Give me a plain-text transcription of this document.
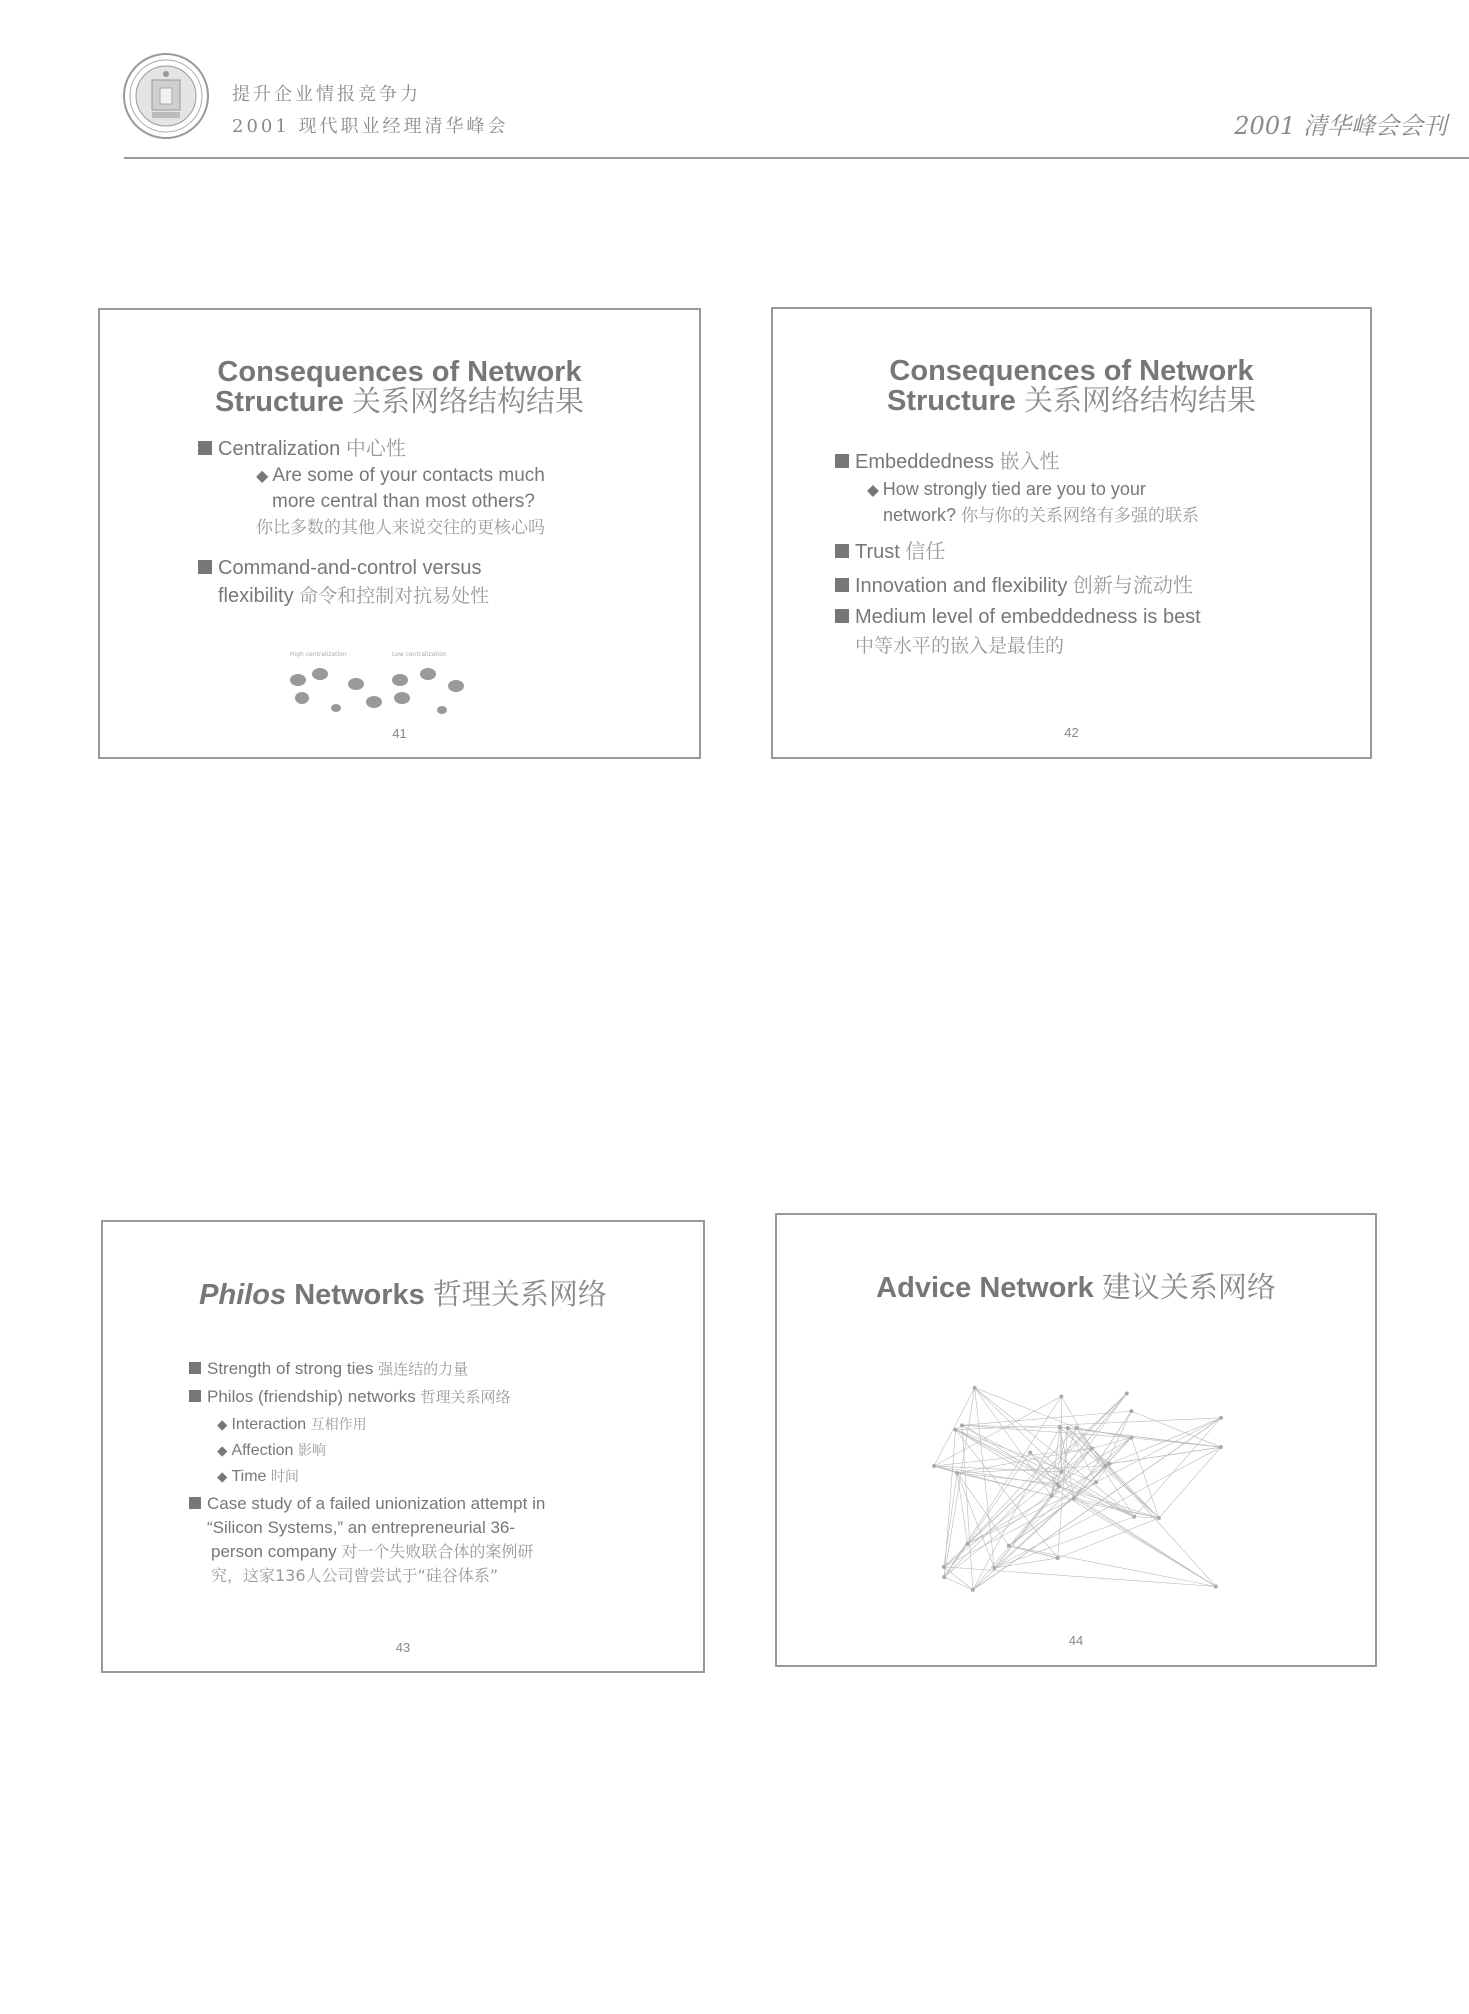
提升企业情报竞争力
2001 现代职业经理清华峰会	2001 清华峰会会刊
Consequences of Network
Structure 关系网络结构结果
Centralization 中心性
◆ Are some of your contacts much
more central than most others?
你比多数的其他人来说交往的更核心吗
Command-and-control versus
flexibility 命令和控制对抗易处性
High centralization	Low centralization
41
Consequences of Network
Structure 关系网络结构结果
Embeddedness 嵌入性
◆ How strongly tied are you to your
network? 你与你的关系网络有多强的联系
Trust 信任
Innovation and flexibility 创新与流动性
Medium level of embeddedness is best
中等水平的嵌入是最佳的
42
Philos Networks 哲理关系网络
Strength of strong ties 强连结的力量
Philos (friendship) networks 哲理关系网络
◆ Interaction 互相作用
◆ Affection 影响
◆ Time 时间
Case study of a failed unionization attempt in
“Silicon Systems,” an entrepreneurial 36-
person company 对一个失败联合体的案例研
究，这家136人公司曾尝试于“硅谷体系”
43
Advice Network 建议关系网络
44
